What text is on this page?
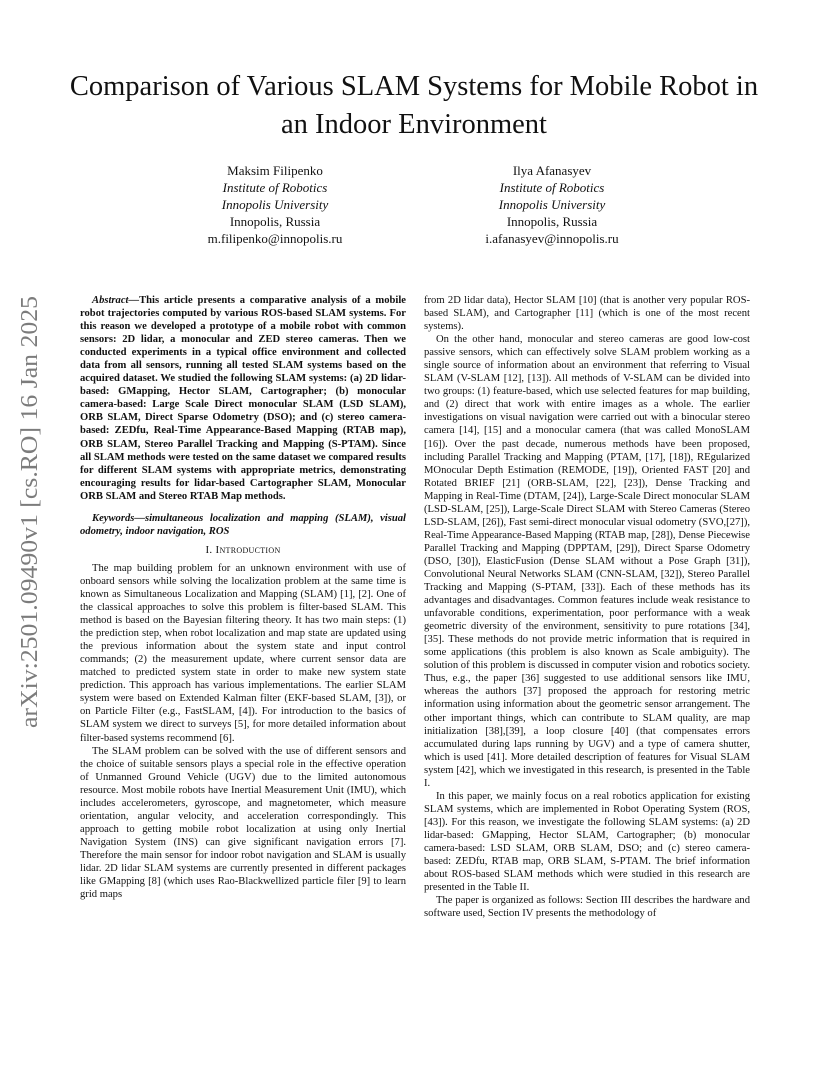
arXiv:2501.09490v1 [cs.RO] 16 Jan 2025
Comparison of Various SLAM Systems for Mobile Robot in an Indoor Environment
Maksim Filipenko
Institute of Robotics
Innopolis University
Innopolis, Russia
m.filipenko@innopolis.ru
Ilya Afanasyev
Institute of Robotics
Innopolis University
Innopolis, Russia
i.afanasyev@innopolis.ru

Abstract—This article presents a comparative analysis of a mobile robot trajectories computed by various ROS-based SLAM systems. For this reason we developed a prototype of a mobile robot with common sensors: 2D lidar, a monocular and ZED stereo cameras. Then we conducted experiments in a typical office environment and collected data from all sensors, running all tested SLAM systems based on the acquired dataset. We studied the following SLAM systems: (a) 2D lidar-based: GMapping, Hector SLAM, Cartographer; (b) monocular camera-based: Large Scale Direct monocular SLAM (LSD SLAM), ORB SLAM, Direct Sparse Odometry (DSO); and (c) stereo camera-based: ZEDfu, Real-Time Appearance-Based Mapping (RTAB map), ORB SLAM, Stereo Parallel Tracking and Mapping (S-PTAM). Since all SLAM methods were tested on the same dataset we compared results for different SLAM systems with appropriate metrics, demonstrating encouraging results for lidar-based Cartographer SLAM, Monocular ORB SLAM and Stereo RTAB Map methods.

Keywords—simultaneous localization and mapping (SLAM), visual odometry, indoor navigation, ROS

I. Introduction

The map building problem for an unknown environment with use of onboard sensors while solving the localization problem at the same time is known as Simultaneous Localization and Mapping (SLAM) [1], [2]. One of the classical approaches to solve this problem is filter-based SLAM. This method is based on the Bayesian filtering theory. It has two main steps: (1) the prediction step, when robot localization and map state are updated using the previous information about the system state and input control commands; (2) the measurement update, where current sensor data are matched to predicted system state in order to make new system state prediction. This approach has various implementations. The earlier SLAM system were based on Extended Kalman filter (EKF-based SLAM, [3]), or on Particle Filter (e.g., FastSLAM, [4]). For introduction to the basics of SLAM system we direct to surveys [5], for more detailed information about filter-based systems recommend [6].

The SLAM problem can be solved with the use of different sensors and the choice of suitable sensors plays a special role in the effective operation of Unmanned Ground Vehicle (UGV) due to the limited autonomous resource. Most mobile robots have Inertial Measurement Unit (IMU), which includes accelerometers, gyroscope, and magnetometer, which measure orientation, angular velocity, and acceleration correspondingly. This approach to getting mobile robot localization at using only Inertial Navigation System (INS) can give significant navigation errors [7]. Therefore the main sensor for indoor robot navigation and SLAM is usually lidar. 2D lidar SLAM systems are currently presented in different packages like GMapping [8] (which uses Rao-Blackwellized particle filer [9] to learn grid maps

from 2D lidar data), Hector SLAM [10] (that is another very popular ROS-based SLAM), and Cartographer [11] (which is one of the most recent systems).

On the other hand, monocular and stereo cameras are good low-cost passive sensors, which can effectively solve SLAM problem working as a single source of information about an environment that referring to Visual SLAM (V-SLAM [12], [13]). All methods of V-SLAM can be divided into two groups: (1) feature-based, which use selected features for map building, and (2) direct that work with entire images as a whole. The earlier investigations on visual navigation were carried out with a binocular stereo camera [14], [15] and a monocular camera (that was called MonoSLAM [16]). Over the past decade, numerous methods have been proposed, including Parallel Tracking and Mapping (PTAM, [17], [18]), REgularized MOnocular Depth Estimation (REMODE, [19]), Oriented FAST [20] and Rotated BRIEF [21] (ORB-SLAM, [22], [23]), Dense Tracking and Mapping in Real-Time (DTAM, [24]), Large-Scale Direct monocular SLAM (LSD-SLAM, [25]), Large-Scale Direct SLAM with Stereo Cameras (Stereo LSD-SLAM, [26]), Fast semi-direct monocular visual odometry (SVO,[27]), Real-Time Appearance-Based Mapping (RTAB map, [28]), Dense Piecewise Parallel Tracking and Mapping (DPPTAM, [29]), Direct Sparse Odometry (DSO, [30]), ElasticFusion (Dense SLAM without a Pose Graph [31]), Convolutional Neural Networks SLAM (CNN-SLAM, [32]), Stereo Parallel Tracking and Mapping (S-PTAM, [33]). Each of these methods has its advantages and disadvantages. Common features include weak resistance to unfavorable conditions, experimentation, poor performance with a weak geometric diversity of the environment, sensitivity to pure rotations [34], [35]. These methods do not provide metric information that is required in some applications (this problem is also known as Scale ambiguity). The solution of this problem is discussed in computer vision and robotics society. Thus, e.g., the paper [36] suggested to use additional sensors like IMU, whereas the authors [37] proposed the approach for restoring metric information using information about the geometric sensor arrangement. The other important things, which can contribute to SLAM quality, are map initialization [38],[39], a loop closure [40] (that compensates errors accumulated during laps running by UGV) and a type of camera shutter, which is used [41]. More detailed description of features for Visual SLAM system [42], which we investigated in this research, is presented in the Table I.

In this paper, we mainly focus on a real robotics application for existing SLAM systems, which are implemented in Robot Operating System (ROS, [43]). For this reason, we investigate the following SLAM systems: (a) 2D lidar-based: GMapping, Hector SLAM, Cartographer; (b) monocular camera-based: LSD SLAM, ORB SLAM, DSO; and (c) stereo camera-based: ZEDfu, RTAB map, ORB SLAM, S-PTAM. The brief information about ROS-based SLAM methods which were studied in this research are presented in the Table II.

The paper is organized as follows: Section III describes the hardware and software used, Section IV presents the methodology of
